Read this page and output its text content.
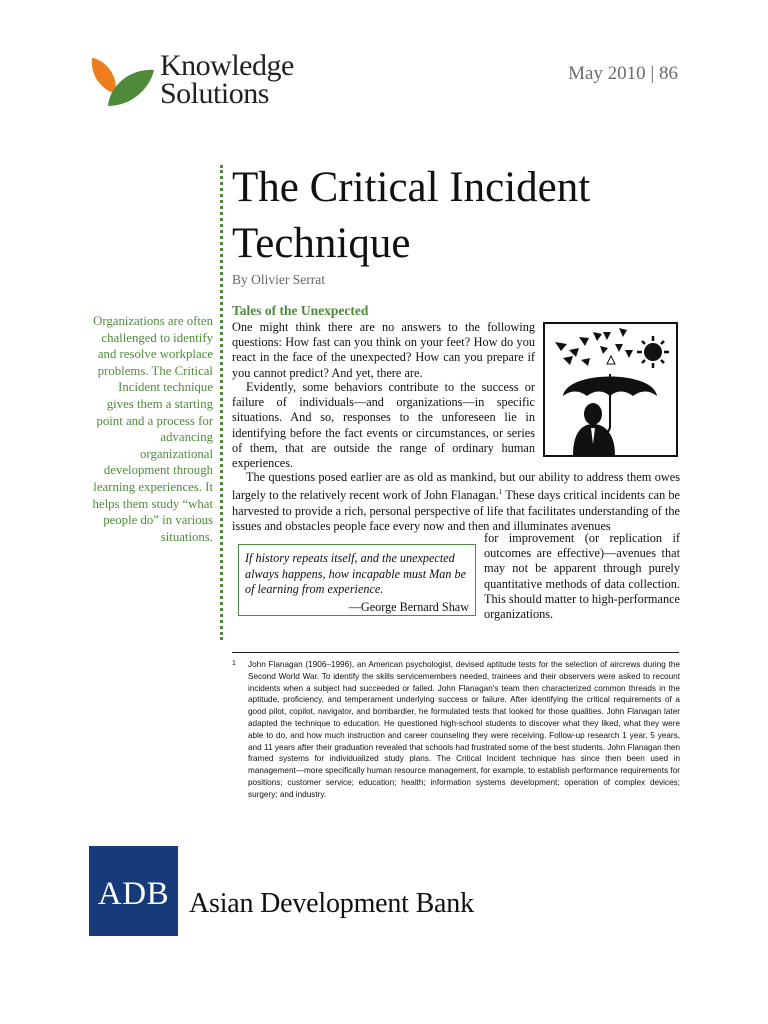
Knowledge
Solutions
May 2010 | 86
The Critical Incident Technique
By Olivier Serrat
Organizations are often challenged to identify and resolve workplace problems. The Critical Incident technique gives them a starting point and a process for advancing organizational development through learning experiences. It helps them study “what people do” in various situations.
Tales of the Unexpected

One might think there are no answers to the following questions: How fast can you think on your feet? How do you react in the face of the unexpected? How can you prepare if you cannot predict? And yet, there are.

Evidently, some behaviors contribute to the success or failure of individuals—and organizations—in specific situations. And so, responses to the unforeseen lie in identifying before the fact events or circumstances, or series of them, that are outside the range of ordinary human experiences.

The questions posed earlier are as old as mankind, but our ability to address them owes largely to the relatively recent work of John Flanagan.$^1$ These days critical incidents can be harvested to provide a rich, personal perspective of life that facilitates understanding of the issues and obstacles people face every now and then and illuminates avenues

for improvement (or replication if outcomes are effective)—avenues that may not be apparent through purely quantitative methods of data collection. This should matter to high-performance organizations.

If history repeats itself, and the unexpected always happens, how incapable must Man be of learning from experience.

—George Bernard Shaw

1 John Flanagan (1906–1996), an American psychologist, devised aptitude tests for the selection of aircrews during the Second World War. To identify the skills servicemembers needed, trainees and their observers were asked to recount incidents when a subject had succeeded or failed. John Flanagan's team then characterized common threads in the aptitude, proficiency, and temperament underlying success or failure. After identifying the critical requirements of a good pilot, copilot, navigator, and bombardier, he formulated tests that looked for those qualities. John Flanagan later adapted the technique to education. He questioned high-school students to discover what they liked, what they were able to do, and how much instruction and career counseling they were receiving. Follow-up research 1 year, 5 years, and 11 years after their graduation revealed that schools had frustrated some of the best students. John Flanagan then framed systems for individualized study plans. The Critical Incident technique has since then been used in management—more specifically human resource management, for example, to establish performance requirements for positions; customer service; education; health; information systems development; operation of complex devices; surgery; and industry.

ADB Asian Development Bank
